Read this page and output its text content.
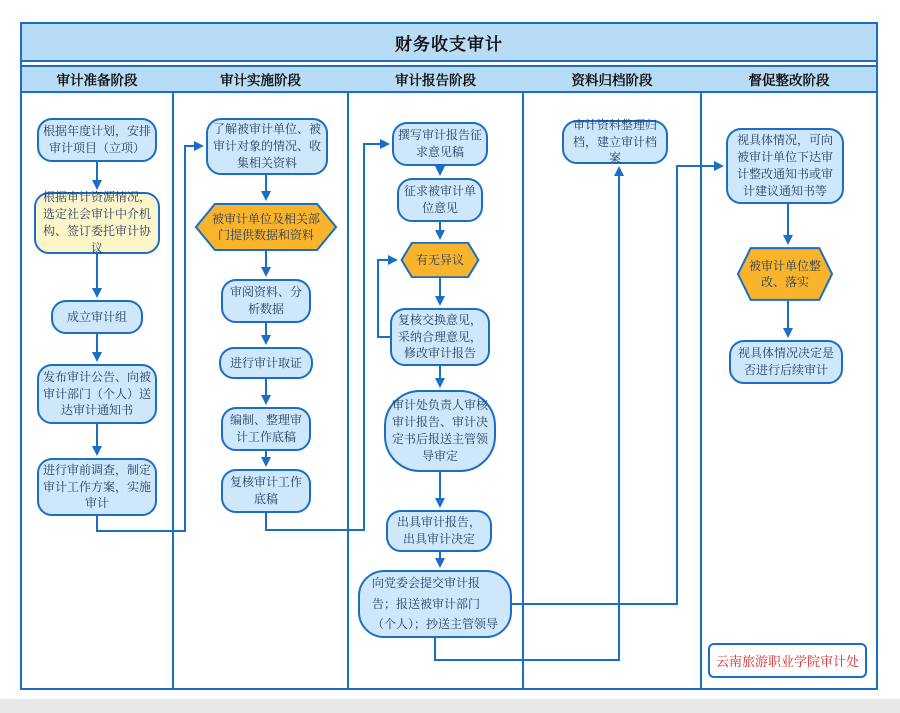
财务收支审计
审计准备阶段	审计实施阶段	审计报告阶段	资料归档阶段	督促整改阶段
根据年度计划，安排审计项目（立项）
根据审计资源情况，选定社会审计中介机构、签订委托审计协议
成立审计组
发布审计公告、向被审计部门（个人）送达审计通知书
进行审前调查，制定审计工作方案，实施审计
了解被审计单位、被审计对象的情况、收集相关资料
被审计单位及相关部门提供数据和资料
审阅资料、分析数据
进行审计取证
编制、整理审计工作底稿
复核审计工作底稿
撰写审计报告征求意见稿
征求被审计单位意见
有无异议
复核交换意见，采纳合理意见，修改审计报告
审计处负责人审核审计报告、审计决定书后报送主管领导审定
出具审计报告，出具审计决定
向党委会提交审计报告；报送被审计部门（个人）；抄送主管领导
审计资料整理归档，建立审计档案
视具体情况，可向被审计单位下达审计整改通知书或审计建议通知书等
被审计单位整改、落实
视具体情况决定是否进行后续审计
云南旅游职业学院审计处
